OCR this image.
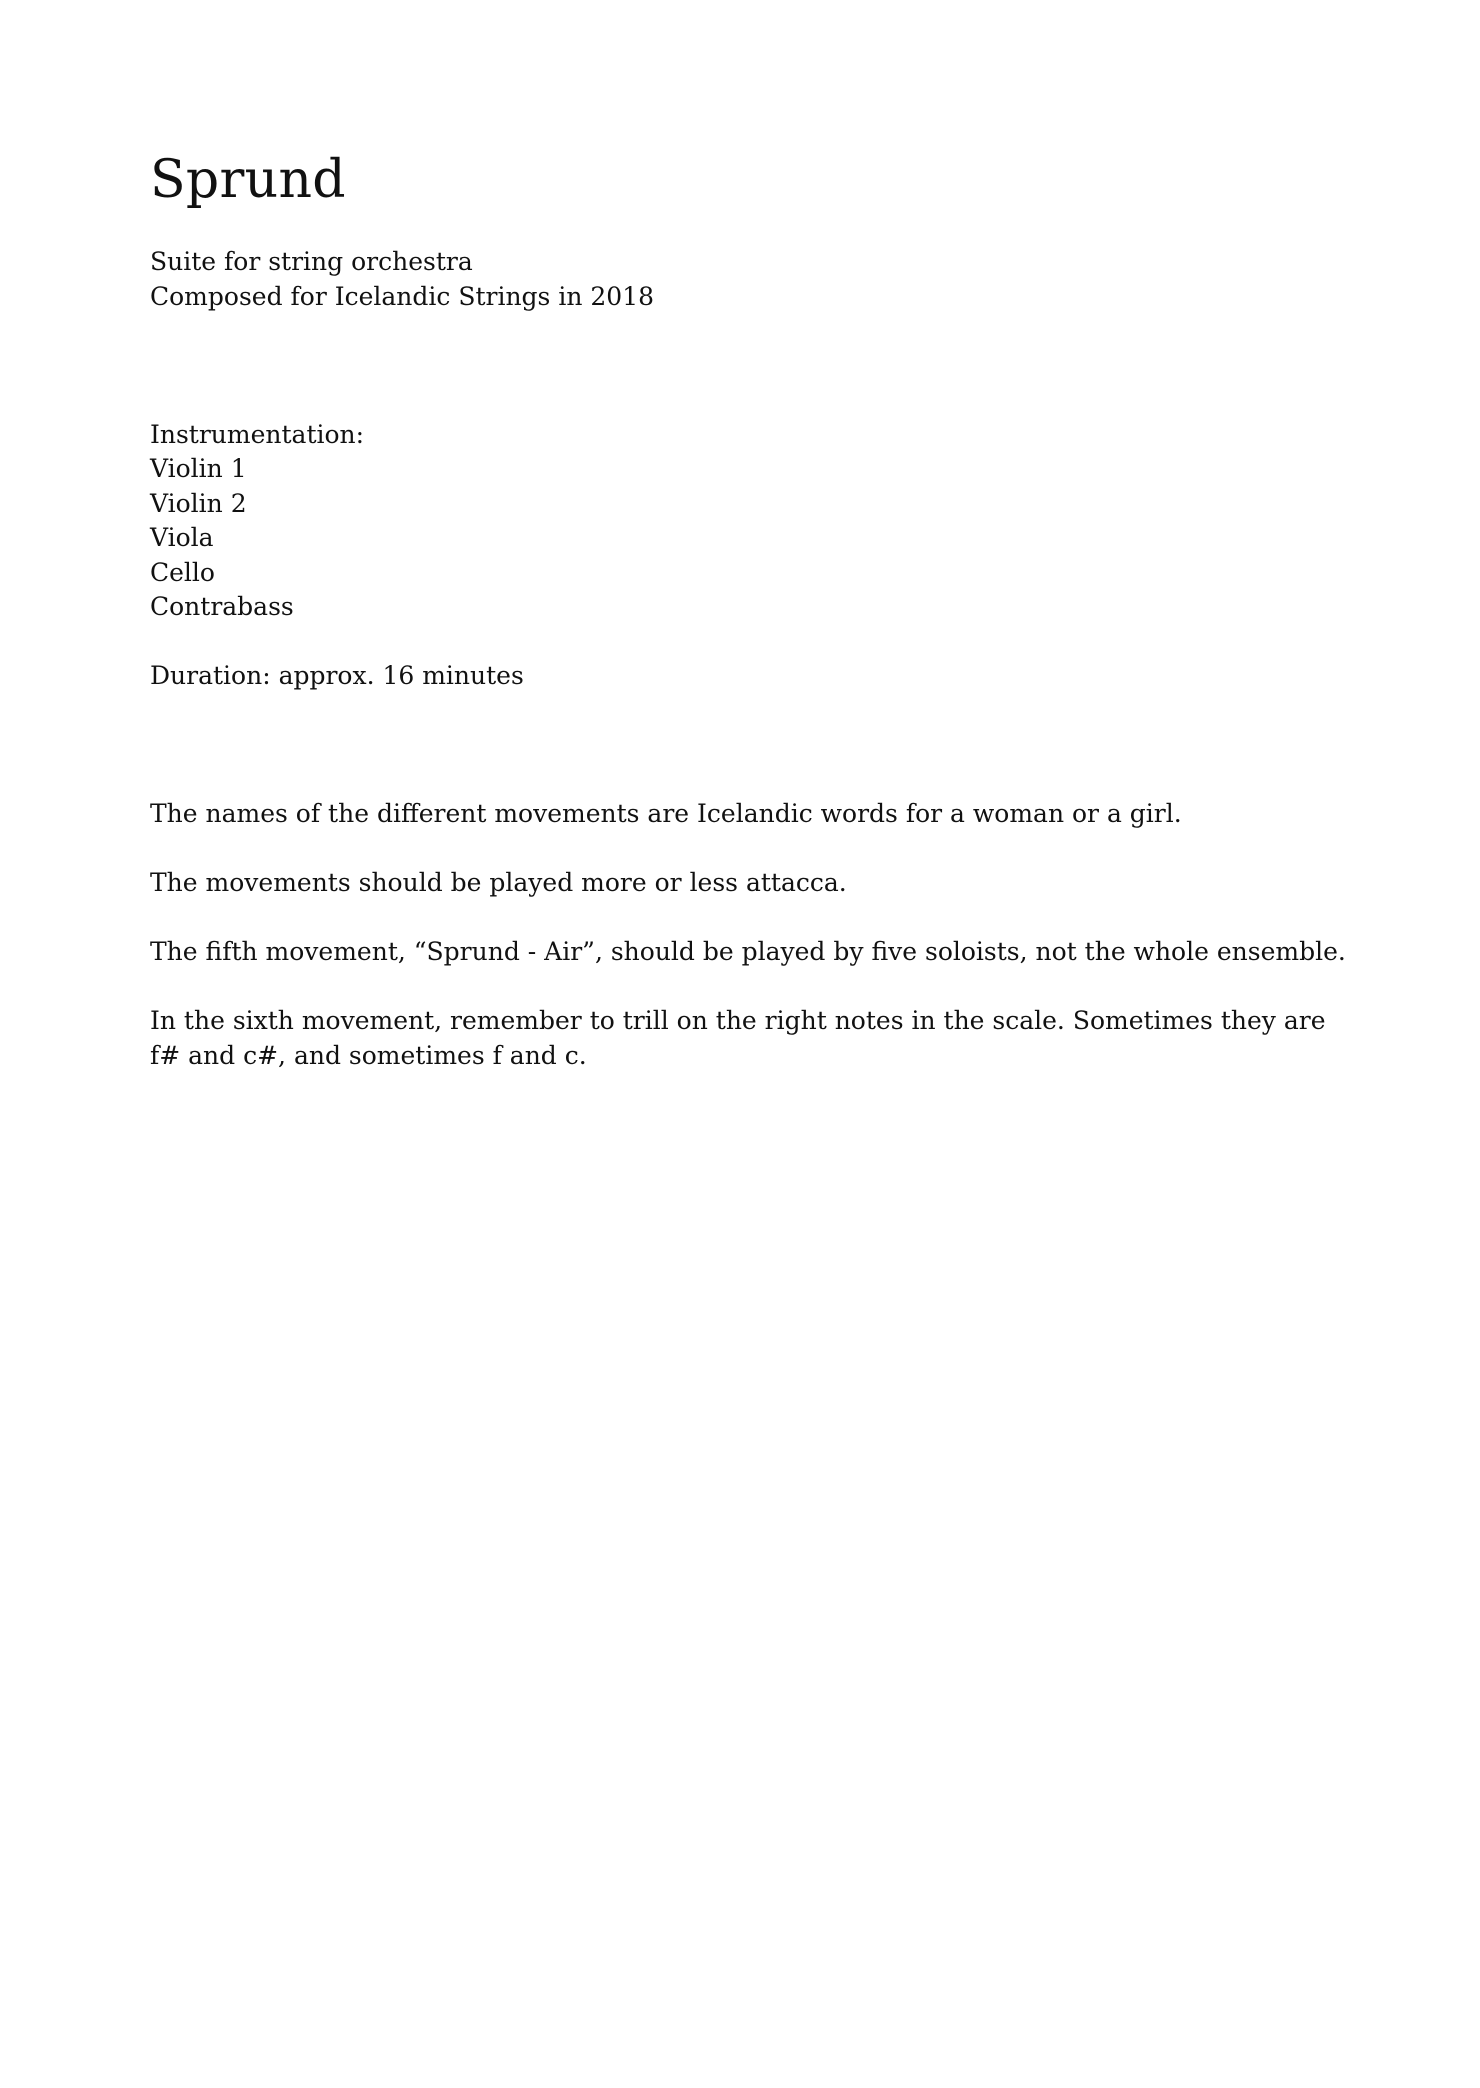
Sprund

Suite for string orchestra

Composed for Icelandic Strings in 2018

Instrumentation:

Violin 1

Violin 2

Viola

Cello

Contrabass

Duration: approx. 16 minutes

The names of the different movements are Icelandic words for a woman or a girl.

The movements should be played more or less attacca.

The fifth movement, “Sprund - Air”, should be played by five soloists, not the whole ensemble.

In the sixth movement, remember to trill on the right notes in the scale. Sometimes they are f# and c#, and sometimes f and c.
